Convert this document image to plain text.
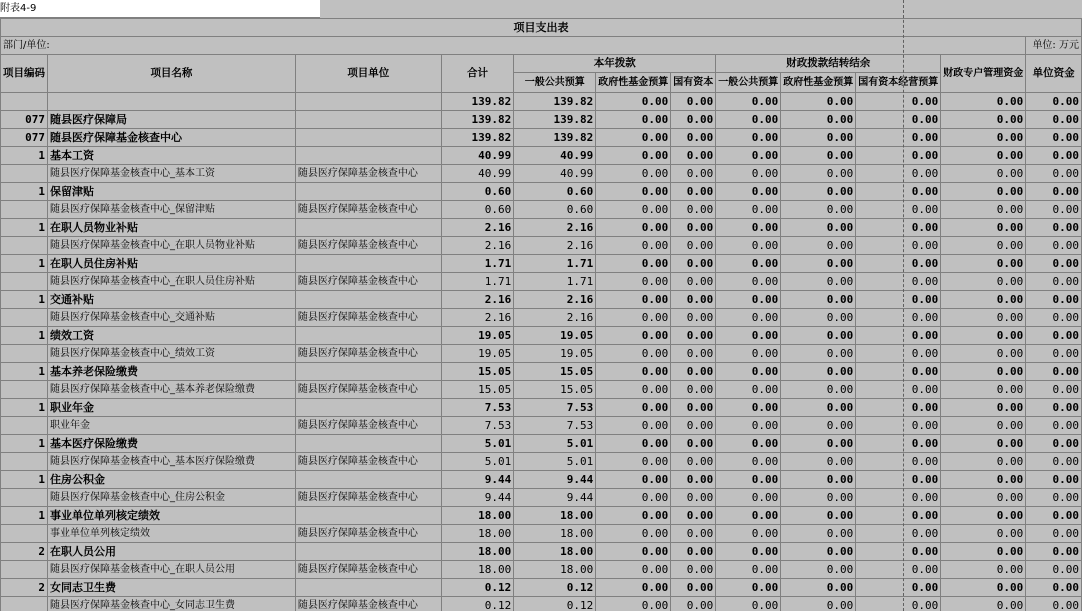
附表4-9
项目支出表											
部门/单位:											单位: 万元
项目编码	项目名称	项目单位	合计	本年拨款			财政拨款结转结余			财政专户管理资金	单位资金
				一般公共预算	政府性基金预算	国有资本	一般公共预算	政府性基金预算	国有资本经营预算		
			139.82	139.82	0.00	0.00	0.00	0.00	0.00	0.00	0.00
077	随县医疗保障局		139.82	139.82	0.00	0.00	0.00	0.00	0.00	0.00	0.00
077	随县医疗保障基金核查中心		139.82	139.82	0.00	0.00	0.00	0.00	0.00	0.00	0.00
1	基本工资		40.99	40.99	0.00	0.00	0.00	0.00	0.00	0.00	0.00
	随县医疗保障基金核查中心_基本工资	随县医疗保障基金核查中心	40.99	40.99	0.00	0.00	0.00	0.00	0.00	0.00	0.00
1	保留津贴		0.60	0.60	0.00	0.00	0.00	0.00	0.00	0.00	0.00
	随县医疗保障基金核查中心_保留津贴	随县医疗保障基金核查中心	0.60	0.60	0.00	0.00	0.00	0.00	0.00	0.00	0.00
1	在职人员物业补贴		2.16	2.16	0.00	0.00	0.00	0.00	0.00	0.00	0.00
	随县医疗保障基金核查中心_在职人员物业补贴	随县医疗保障基金核查中心	2.16	2.16	0.00	0.00	0.00	0.00	0.00	0.00	0.00
1	在职人员住房补贴		1.71	1.71	0.00	0.00	0.00	0.00	0.00	0.00	0.00
	随县医疗保障基金核查中心_在职人员住房补贴	随县医疗保障基金核查中心	1.71	1.71	0.00	0.00	0.00	0.00	0.00	0.00	0.00
1	交通补贴		2.16	2.16	0.00	0.00	0.00	0.00	0.00	0.00	0.00
	随县医疗保障基金核查中心_交通补贴	随县医疗保障基金核查中心	2.16	2.16	0.00	0.00	0.00	0.00	0.00	0.00	0.00
1	绩效工资		19.05	19.05	0.00	0.00	0.00	0.00	0.00	0.00	0.00
	随县医疗保障基金核查中心_绩效工资	随县医疗保障基金核查中心	19.05	19.05	0.00	0.00	0.00	0.00	0.00	0.00	0.00
1	基本养老保险缴费		15.05	15.05	0.00	0.00	0.00	0.00	0.00	0.00	0.00
	随县医疗保障基金核查中心_基本养老保险缴费	随县医疗保障基金核查中心	15.05	15.05	0.00	0.00	0.00	0.00	0.00	0.00	0.00
1	职业年金		7.53	7.53	0.00	0.00	0.00	0.00	0.00	0.00	0.00
	职业年金	随县医疗保障基金核查中心	7.53	7.53	0.00	0.00	0.00	0.00	0.00	0.00	0.00
1	基本医疗保险缴费		5.01	5.01	0.00	0.00	0.00	0.00	0.00	0.00	0.00
	随县医疗保障基金核查中心_基本医疗保险缴费	随县医疗保障基金核查中心	5.01	5.01	0.00	0.00	0.00	0.00	0.00	0.00	0.00
1	住房公积金		9.44	9.44	0.00	0.00	0.00	0.00	0.00	0.00	0.00
	随县医疗保障基金核查中心_住房公积金	随县医疗保障基金核查中心	9.44	9.44	0.00	0.00	0.00	0.00	0.00	0.00	0.00
1	事业单位单列核定绩效		18.00	18.00	0.00	0.00	0.00	0.00	0.00	0.00	0.00
	事业单位单列核定绩效	随县医疗保障基金核查中心	18.00	18.00	0.00	0.00	0.00	0.00	0.00	0.00	0.00
2	在职人员公用		18.00	18.00	0.00	0.00	0.00	0.00	0.00	0.00	0.00
	随县医疗保障基金核查中心_在职人员公用	随县医疗保障基金核查中心	18.00	18.00	0.00	0.00	0.00	0.00	0.00	0.00	0.00
2	女同志卫生费		0.12	0.12	0.00	0.00	0.00	0.00	0.00	0.00	0.00
	随县医疗保障基金核查中心_女同志卫生费	随县医疗保障基金核查中心	0.12	0.12	0.00	0.00	0.00	0.00	0.00	0.00	0.00
